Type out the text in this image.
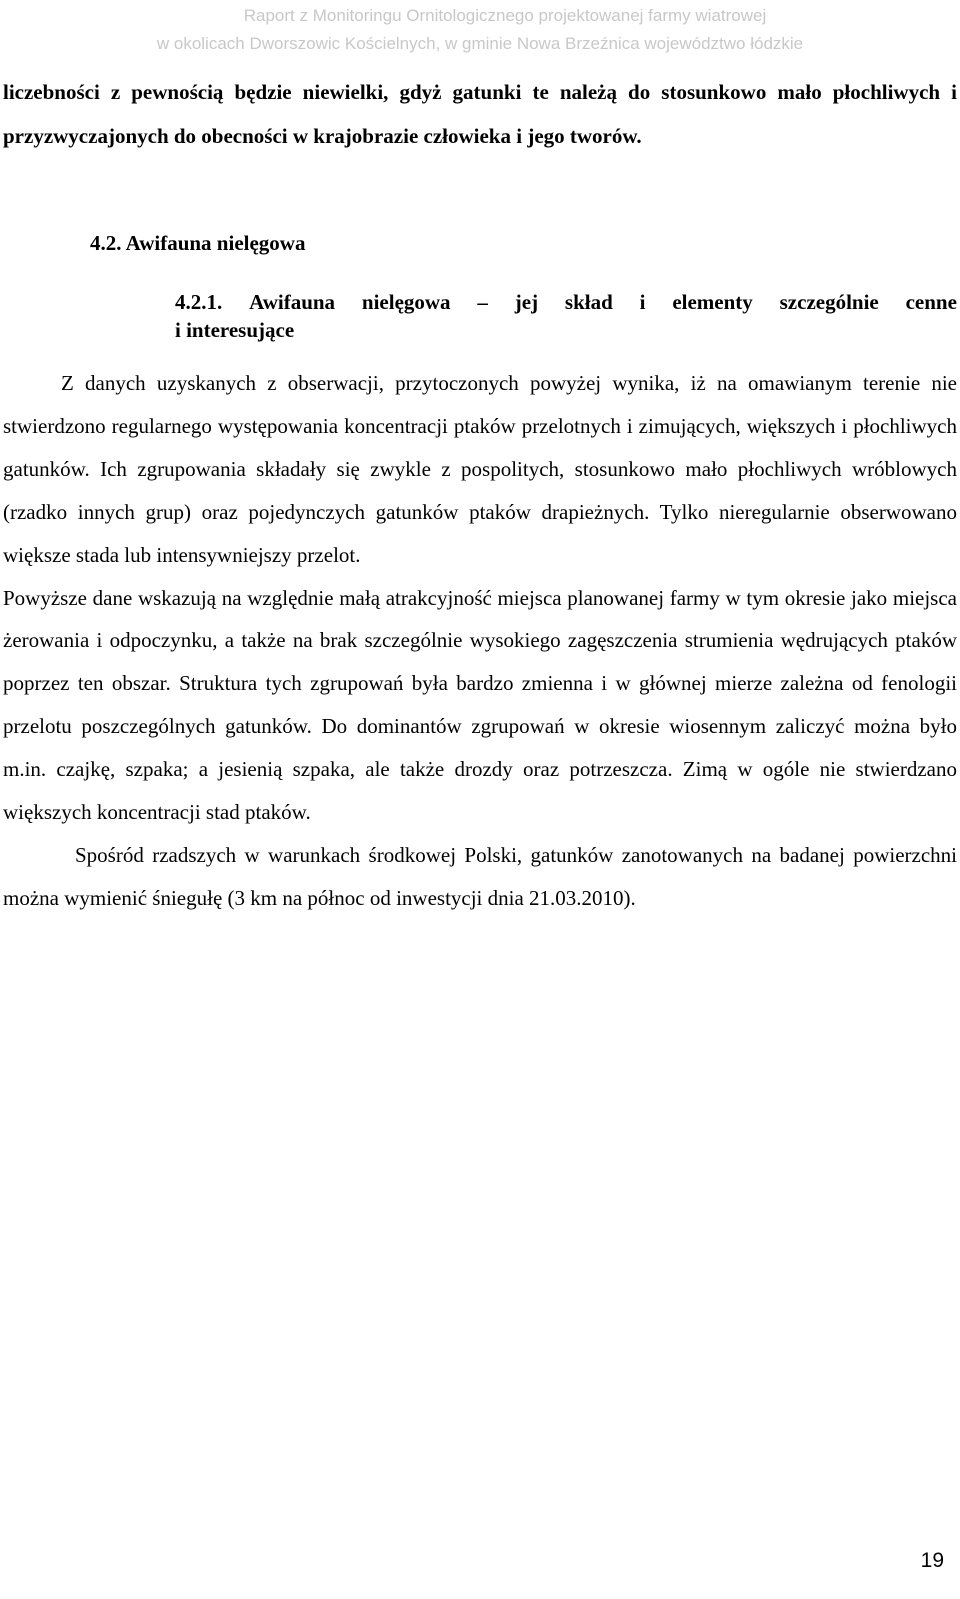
Raport z Monitoringu Ornitologicznego projektowanej farmy wiatrowej
w okolicach Dworszowic Kościelnych, w gminie Nowa Brzeźnica województwo łódzkie
liczebności z pewnością będzie niewielki, gdyż gatunki te należą do stosunkowo mało płochliwych i przyzwyczajonych do obecności w krajobrazie człowieka i jego tworów.
4.2. Awifauna nielęgowa
4.2.1. Awifauna nielęgowa – jej skład i elementy szczególnie cenne
i interesujące

Z danych uzyskanych z obserwacji, przytoczonych powyżej wynika, iż na omawianym terenie nie stwierdzono regularnego występowania koncentracji ptaków przelotnych i zimujących, większych i płochliwych gatunków. Ich zgrupowania składały się zwykle z pospolitych, stosunkowo mało płochliwych wróblowych (rzadko innych grup) oraz pojedynczych gatunków ptaków drapieżnych. Tylko nieregularnie obserwowano większe stada lub intensywniejszy przelot.

Powyższe dane wskazują na względnie małą atrakcyjność miejsca planowanej farmy w tym okresie jako miejsca żerowania i odpoczynku, a także na brak szczególnie wysokiego zagęszczenia strumienia wędrujących ptaków poprzez ten obszar. Struktura tych zgrupowań była bardzo zmienna i w głównej mierze zależna od fenologii przelotu poszczególnych gatunków. Do dominantów zgrupowań w okresie wiosennym zaliczyć można było m.in. czajkę, szpaka; a jesienią szpaka, ale także drozdy oraz potrzeszcza. Zimą w ogóle nie stwierdzano większych koncentracji stad ptaków.

Spośród rzadszych w warunkach środkowej Polski, gatunków zanotowanych na badanej powierzchni można wymienić śniegułę (3 km na północ od inwestycji dnia 21.03.2010).

19
